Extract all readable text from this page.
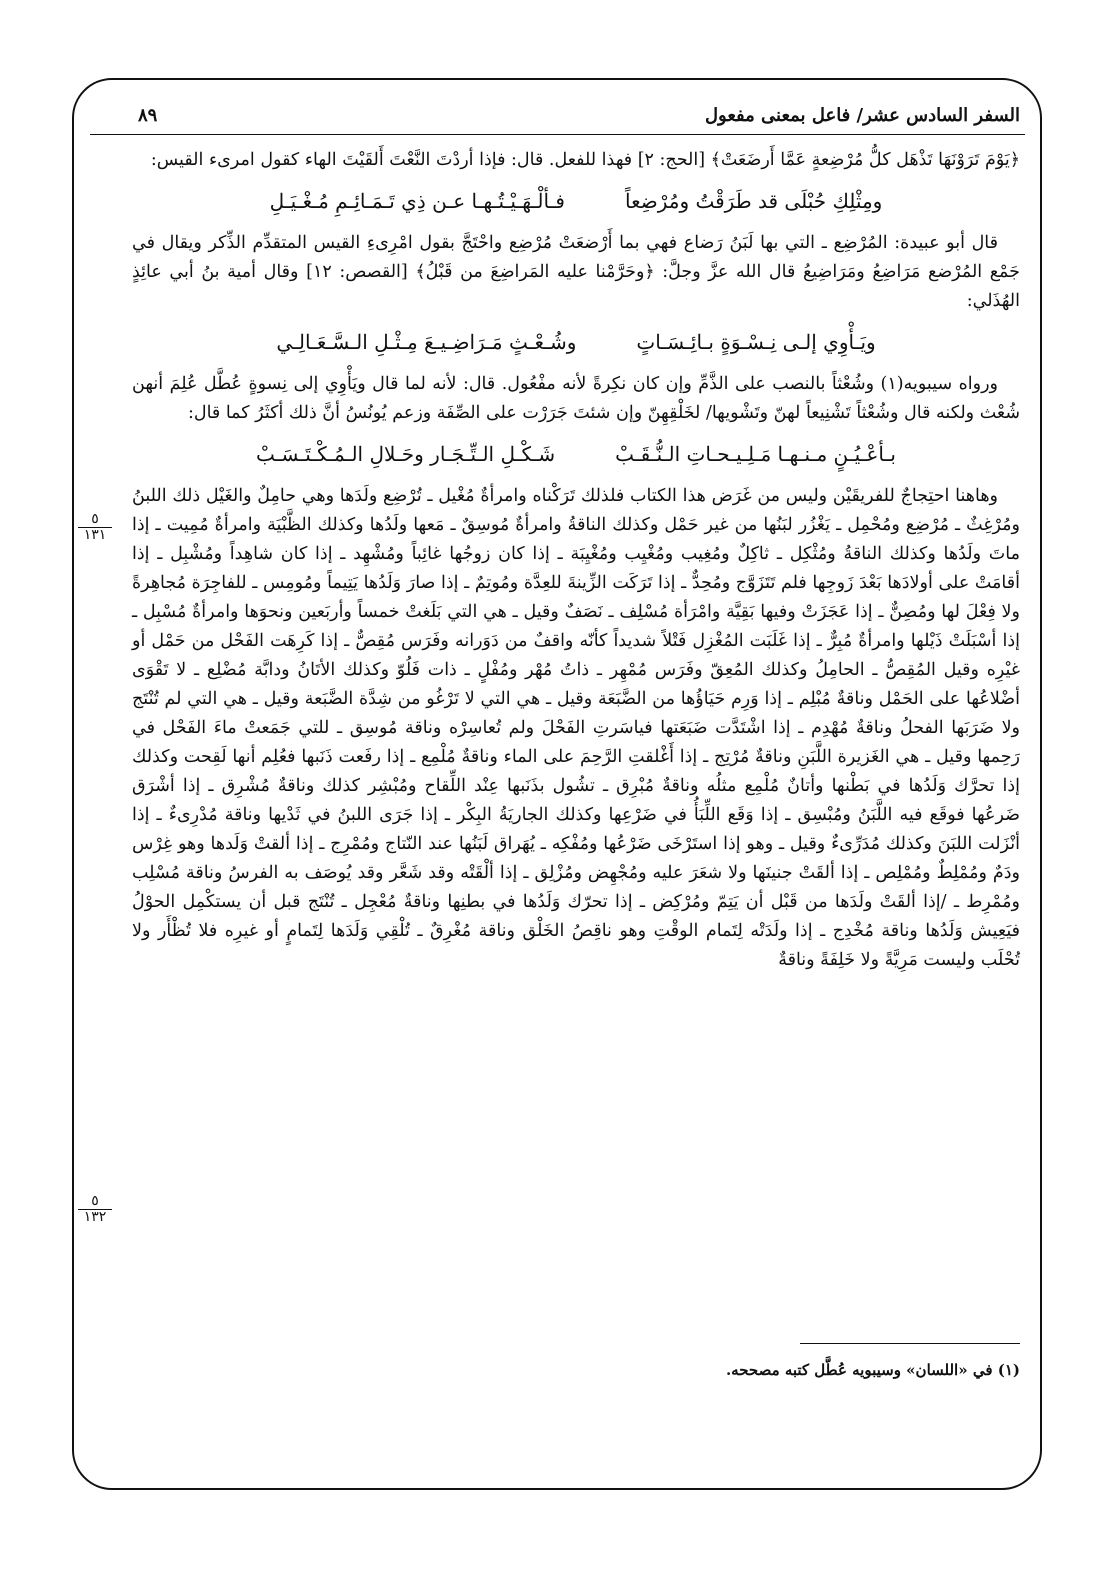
السفر السادس عشر/ فاعل بمعنى مفعول
٨٩

﴿يَوْمَ تَرَوْنَهَا تَذْهَل كلُّ مُرْضِعةٍ عَمَّا أَرضَعَتْ﴾ [الحج: ٢] فهذا للفعل. قال: فإذا أردْتَ النَّعْتَ أَلقَيْتَ الهاء كقول امرىء القيس:

ومِثْلِكِ حُبْلَى قد طَرَقْتُ ومُرْضِعاً
فـألْـهَـيْـتُـهـا عـن ذِي تَـمَـائِـمِ مُـغْـيَـلِ

قال أبو عبيدة: المُرْضِع ـ التي بها لَبَنُ رَضاع فهي بما أَرْضعَتْ مُرْضِع واحْتَجَّ بقول امْرِىءِ القيس المتقدِّم الذِّكر ويقال في جَمْع المُرْضع مَرَاضِعُ ومَرَاضِيعُ قال الله عزَّ وجلَّ: ﴿وحَرَّمْنا عليه المَراضِعَ من قَبْلُ﴾ [القصص: ١٢] وقال أمية بنُ أبي عائِذٍ الهُذَلي:

ويَـأْوِي إلـى نِـسْـوَةٍ بـائِـسَـاتٍ
وشُـعْـثٍ مَـرَاضِـيـعَ مِـثْـلِ الـسَّـعَـالِـي

ورواه سيبويه(١) وشُعْثاً بالنصب على الذَّمِّ وإن كان نكِرةً لأنه مفْعُول. قال: لأنه لما قال ويَأْوِي إلى نِسوةٍ عُطَّل عُلِمَ أنهن شُعْث ولكنه قال وشُعْثاً تَشْنِيعاً لهنّ وتَشْويها/ لخَلْقِهِنّ وإن شئتَ جَرَرْت على الصِّفَة وزعم يُونُسُ أنَّ ذلك أكثَرُ كما قال:

بـأعْـيُـنٍ مـنـهـا مَـلِـيـحـاتِ الـنُّـقَـبْ
شَـكْـلِ الـتِّـجَـار وحَـلالِ الـمُـكْـتَـسَـبْ

وهاهنا احتِجاجٌ للفريقَيْن وليس من غَرَض هذا الكتاب فلذلك تَرَكْناه وامرأةٌ مُغْيل ـ تُرْضِع ولَدَها وهي حامِلٌ والغَيْل ذلك اللبنُ ومُرْغِثٌ ـ مُرْضِع ومُحْمِل ـ يَغْزُر لبَنُها من غير حَمْل وكذلك الناقةُ وامرأةٌ مُوسِقٌ ـ مَعها ولَدُها وكذلك الظَّبْيَة وامرأةٌ مُمِيت ـ إذا ماتَ ولَدُها وكذلك الناقةُ ومُثْكِل ـ ثاكِلٌ ومُغِيب ومُغْيِب ومُغْيِبَة ـ إذا كان زوجُها غائِباً ومُشْهِد ـ إذا كان شاهِداً ومُشْبِل ـ إذا أقامَتْ على أولادَها بَعْدَ زَوجِها فلم تَتَزَوَّج ومُحِدٌّ ـ إذا تَرَكَت الزِّينةَ للعِدَّة ومُوتِمٌ ـ إذا صارَ وَلَدُها يَتِيماً ومُومِس ـ للفاجِرَة مُجاهِرةً ولا فِعْلَ لها ومُصِنٌّ ـ إذا عَجَزَتْ وفيها بَقِيَّة وامْرَأة مُسْلِف ـ نَصَفٌ وقيل ـ هي التي بَلَغتْ خمساً وأربَعين ونحوَها وامرأةٌ مُسْبِل ـ إذا أسْبَلَتْ ذَيْلها وامرأةٌ مُبِرٌّ ـ إذا غَلَبَت المُغْزِل فَتْلاً شديداً كأنّه واقفٌ من دَوَرانه وفَرَس مُقِصٌّ ـ إذا كَرِهَت الفَحْل من حَمْل أو غيْرِه وقيل المُقِصُّ ـ الحامِلُ وكذلك المُعِقّ وفَرَس مُمْهِر ـ ذاتُ مُهْر ومُفْلٍ ـ ذات فَلُوّ وكذلك الأتَانُ ودابَّة مُضْلِع ـ لا تَقْوَى أضْلاعُها على الحَمْل وناقةٌ مُبْلِم ـ إذا وَرِم حَيَاؤُها من الضَّبَعَة وقيل ـ هي التي لا تَرْغُو من شِدَّة الضَّبَعة وقيل ـ هي التي لم تُنْتَج ولا ضَرَبَها الفحلُ وناقةٌ مُهْدِم ـ إذا اشْتَدَّت ضَبَعَتها فياسَرتِ الفَحْلَ ولم تُعاسِرْه وناقة مُوسِق ـ للتي جَمَعتْ ماءَ الفَحْل في رَحِمها وقيل ـ هي الغَزيرة اللَّبَنِ وناقةٌ مُرْتِج ـ إذا أَغْلقتِ الرَّحِمَ على الماء وناقةٌ مُلْمِع ـ إذا رفَعت ذَنَبها فعُلِم أنها لَقِحت وكذلك إذا تحرَّك وَلَدُها في بَطْنها وأتانٌ مُلْمِع مثلُه وناقةٌ مُبْرِق ـ تشُول بذَنَبها عِنْد اللِّقاح ومُبْشِر كذلك وناقةٌ مُشْرِق ـ إذا أشْرَق ضَرعُها فوقَع فيه اللَّبَنُ ومُبْسِق ـ إذا وَقَع اللِّبَأُ في ضَرْعِها وكذلك الجاريَةُ البِكْر ـ إذا جَرَى اللبنُ في ثَدْيها وناقة مُدْرِىءٌ ـ إذا أنْزَلت اللبَنَ وكذلك مُدَرِّىءٌ وقيل ـ وهو إذا استَرْخَى ضَرْعُها ومُفْكِه ـ يُهَراق لَبَنُها عند النّتاج ومُمْرِج ـ إذا ألقتْ وَلَدها وهو غِرْس ودَمٌ ومُمْلِطٌ ومُمْلِص ـ إذا ألقَتْ جنينَها ولا شعَرَ عليه ومُجْهِض ومُزْلِق ـ إذا ألْقَتْه وقد شَعَّر وقد يُوصَف به الفرسُ وناقة مُسْلِب ومُمْرِط ـ /إذا ألقَتْ ولَدَها من قَبْل أن يَتِمّ ومُرْكِض ـ إذا تحرّك وَلَدُها في بطنِها وناقةٌ مُعْجِل ـ تُنْتَج قبل أن يستكْمِل الحوْلُ فيَعِيش وَلَدُها وناقة مُخْدِج ـ إذا ولَدَتْه لِتَمام الوقْتِ وهو ناقِصُ الخَلْق وناقة مُغْرِقٌ ـ تُلْقِي وَلَدَها لِتَمامٍ أو غيرِه فلا تُظْأَر ولا تُحْلَب وليست مَرِيَّةً ولا خَلِفَةً وناقةٌ

٥
١٣١
٥
١٣٢
(١) في «اللسان» وسيبويه عُطَّل كتبه مصححه.
